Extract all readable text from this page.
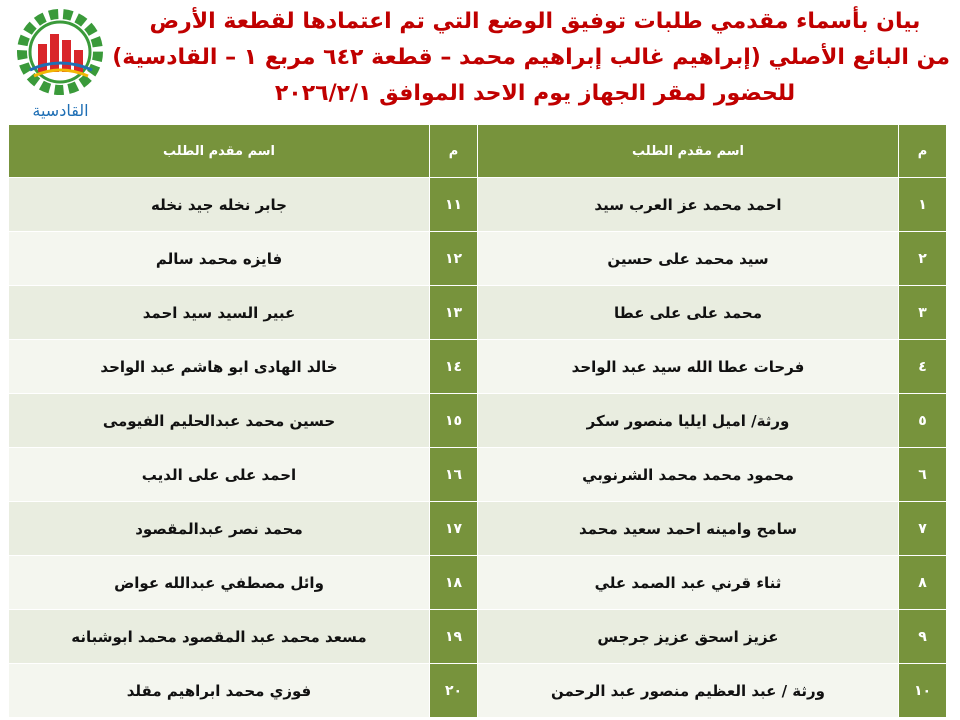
القادسية
بيان بأسماء مقدمي طلبات توفيق الوضع التي تم اعتمادها لقطعة الأرض
من البائع الأصلي (إبراهيم غالب إبراهيم محمد – قطعة ٦٤٢ مربع ١ – القادسية)
للحضور لمقر الجهاز يوم الاحد الموافق ٢٠٢٦/٢/١
م	اسم مقدم الطلب	م	اسم مقدم الطلب
١	احمد محمد عز العرب سيد	١١	جابر نخله جيد نخله
٢	سيد محمد على حسين	١٢	فايزه محمد سالم
٣	محمد على على عطا	١٣	عبير السيد سيد احمد
٤	فرحات عطا الله سيد عبد الواحد	١٤	خالد الهادى ابو هاشم عبد الواحد
٥	ورثة/ اميل ايليا منصور سكر	١٥	حسين محمد عبدالحليم الفيومى
٦	محمود محمد محمد الشرنوبي	١٦	احمد على على الديب
٧	سامح وامينه احمد سعيد محمد	١٧	محمد نصر عبدالمقصود
٨	ثناء قرني عبد الصمد علي	١٨	وائل مصطفي عبدالله عواض
٩	عزيز اسحق عزيز جرجس	١٩	مسعد محمد عبد المقصود محمد ابوشبانه
١٠	ورثة / عبد العظيم منصور عبد الرحمن	٢٠	فوزي محمد ابراهيم مقلد
